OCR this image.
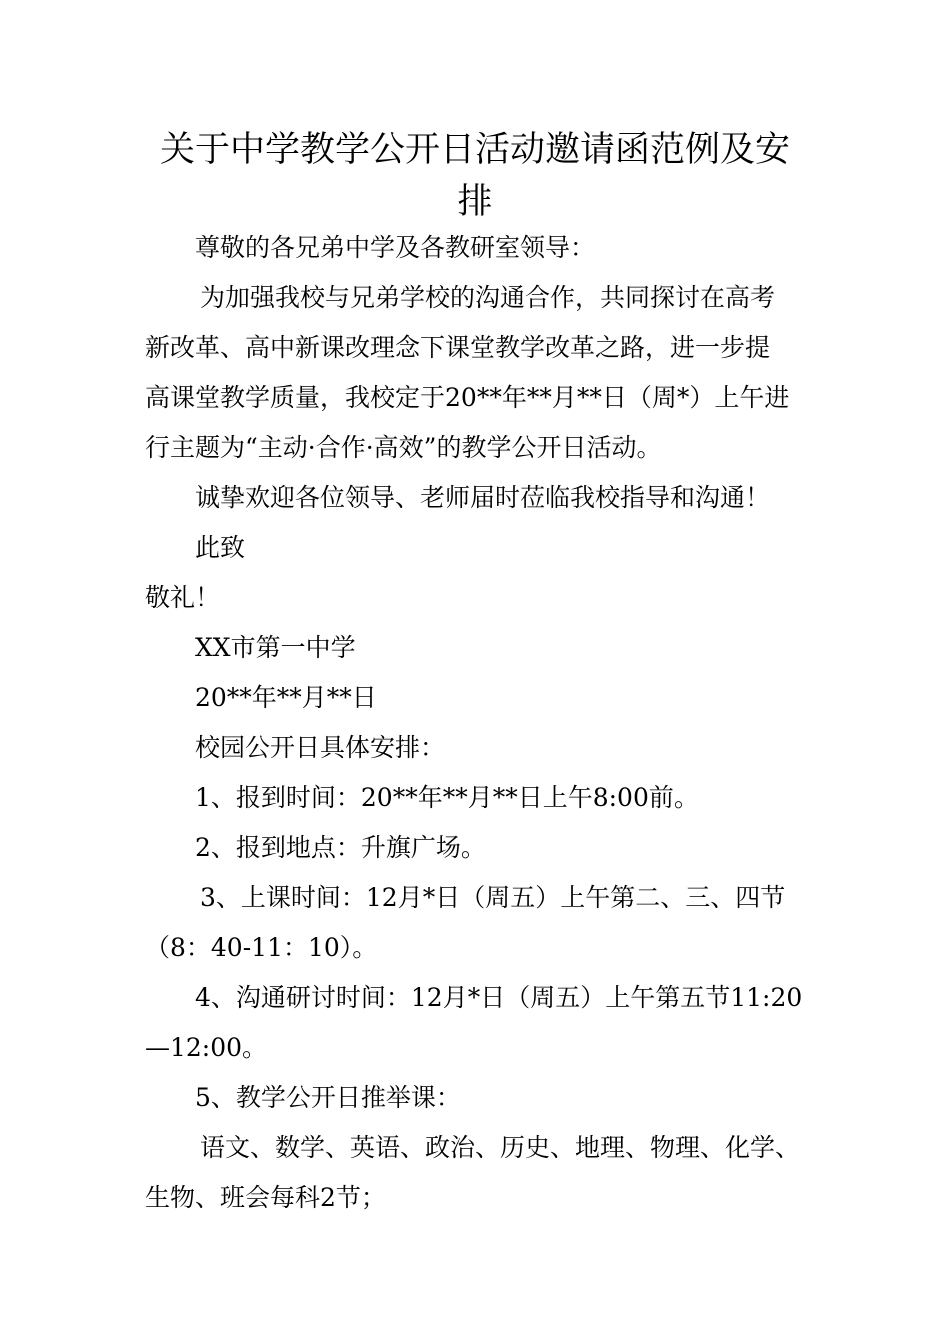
关于中学教学公开日活动邀请函范例及安
排

尊敬的各兄弟中学及各教研室领导：

为加强我校与兄弟学校的沟通合作，共同探讨在高考

新改革、高中新课改理念下课堂教学改革之路，进一步提

高课堂教学质量，我校定于20**年**月**日（周*）上午进

行主题为“主动·合作·高效”的教学公开日活动。

诚挚欢迎各位领导、老师届时莅临我校指导和沟通！

此致

敬礼！

XX市第一中学

20**年**月**日

校园公开日具体安排：

1、报到时间：20**年**月**日上午8:00前。

2、报到地点：升旗广场。

3、上课时间：12月*日（周五）上午第二、三、四节

（8：40-11：10）。

4、沟通研讨时间：12月*日（周五）上午第五节11:20

—12:00。

5、教学公开日推举课：

语文、数学、英语、政治、历史、地理、物理、化学、

生物、班会每科2节；
